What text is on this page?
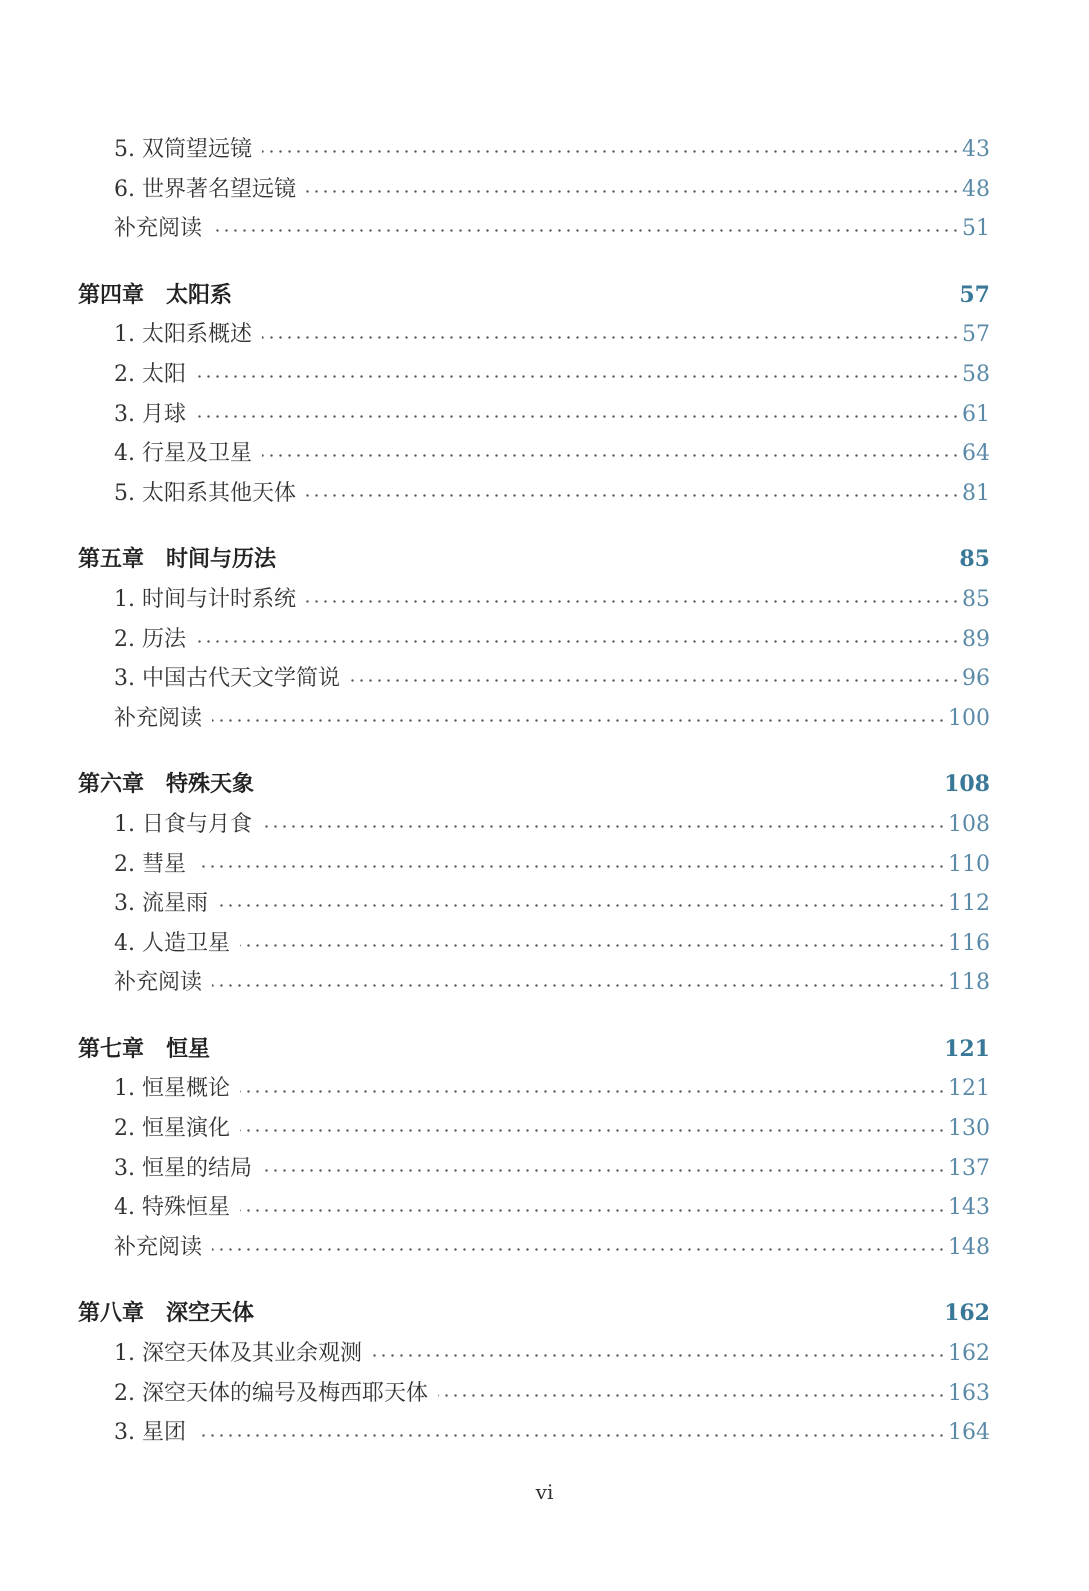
5. 双筒望远镜	43
6. 世界著名望远镜	48
补充阅读	51
第四章 太阳系	57
1. 太阳系概述	57
2. 太阳	58
3. 月球	61
4. 行星及卫星	64
5. 太阳系其他天体	81
第五章 时间与历法	85
1. 时间与计时系统	85
2. 历法	89
3. 中国古代天文学简说	96
补充阅读	100
第六章 特殊天象	108
1. 日食与月食	108
2. 彗星	110
3. 流星雨	112
4. 人造卫星	116
补充阅读	118
第七章 恒星	121
1. 恒星概论	121
2. 恒星演化	130
3. 恒星的结局	137
4. 特殊恒星	143
补充阅读	148
第八章 深空天体	162
1. 深空天体及其业余观测	162
2. 深空天体的编号及梅西耶天体	163
3. 星团	164
vi
